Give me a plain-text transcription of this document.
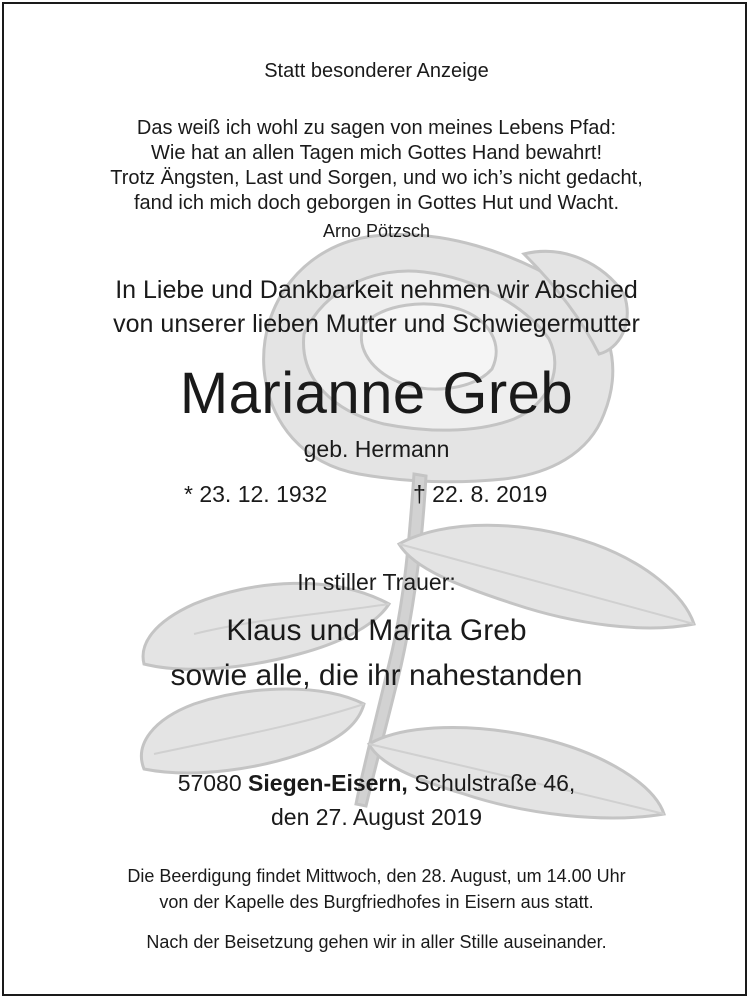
Statt besonderer Anzeige
Das weiß ich wohl zu sagen von meines Lebens Pfad:
Wie hat an allen Tagen mich Gottes Hand bewahrt!
Trotz Ängsten, Last und Sorgen, und wo ich’s nicht gedacht,
fand ich mich doch geborgen in Gottes Hut und Wacht.
Arno Pötzsch
In Liebe und Dankbarkeit nehmen wir Abschied
von unserer lieben Mutter und Schwiegermutter
Marianne Greb
geb. Hermann
* 23. 12. 1932	† 22. 8. 2019
In stiller Trauer:
Klaus und Marita Greb
sowie alle, die ihr nahestanden
57080 Siegen-Eisern, Schulstraße 46,
den 27. August 2019
Die Beerdigung findet Mittwoch, den 28. August, um 14.00 Uhr
von der Kapelle des Burgfriedhofes in Eisern aus statt.
Nach der Beisetzung gehen wir in aller Stille auseinander.
